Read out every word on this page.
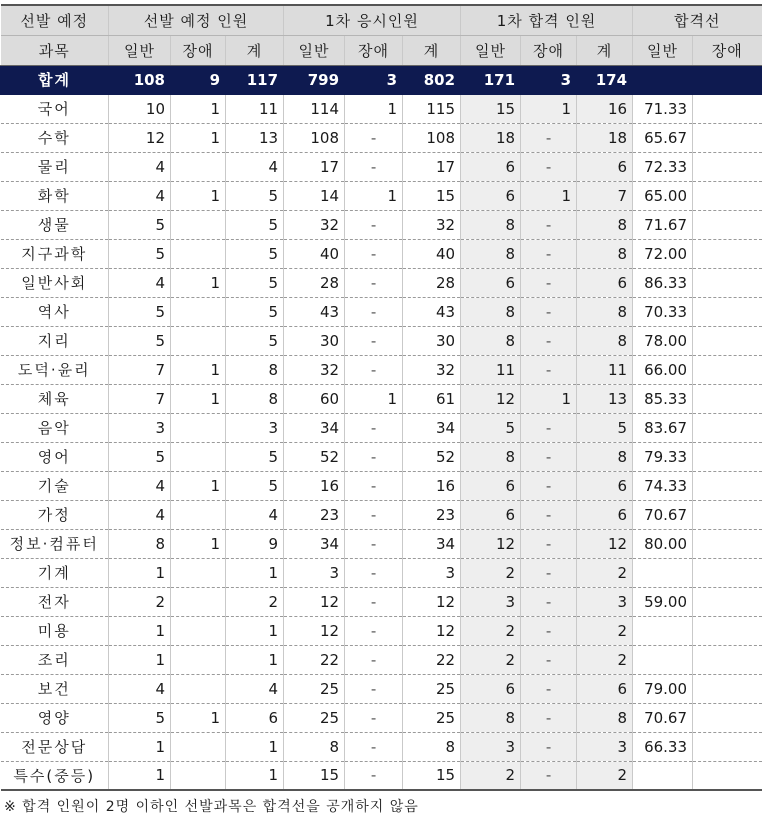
선발 예정	선발 예정 인원			1차 응시인원			1차 합격 인원			합격선	
과목	일반	장애	계	일반	장애	계	일반	장애	계	일반	장애
합계	108	9	117	799	3	802	171	3	174		
국어	10	1	11	114	1	115	15	1	16	71.33	
수학	12	1	13	108	-	108	18	-	18	65.67	
물리	4		4	17	-	17	6	-	6	72.33	
화학	4	1	5	14	1	15	6	1	7	65.00	
생물	5		5	32	-	32	8	-	8	71.67	
지구과학	5		5	40	-	40	8	-	8	72.00	
일반사회	4	1	5	28	-	28	6	-	6	86.33	
역사	5		5	43	-	43	8	-	8	70.33	
지리	5		5	30	-	30	8	-	8	78.00	
도덕·윤리	7	1	8	32	-	32	11	-	11	66.00	
체육	7	1	8	60	1	61	12	1	13	85.33	
음악	3		3	34	-	34	5	-	5	83.67	
영어	5		5	52	-	52	8	-	8	79.33	
기술	4	1	5	16	-	16	6	-	6	74.33	
가정	4		4	23	-	23	6	-	6	70.67	
정보·컴퓨터	8	1	9	34	-	34	12	-	12	80.00	
기계	1		1	3	-	3	2	-	2		
전자	2		2	12	-	12	3	-	3	59.00	
미용	1		1	12	-	12	2	-	2		
조리	1		1	22	-	22	2	-	2		
보건	4		4	25	-	25	6	-	6	79.00	
영양	5	1	6	25	-	25	8	-	8	70.67	
전문상담	1		1	8	-	8	3	-	3	66.33	
특수(중등)	1		1	15	-	15	2	-	2		
※ 합격 인원이 2명 이하인 선발과목은 합격선을 공개하지 않음
